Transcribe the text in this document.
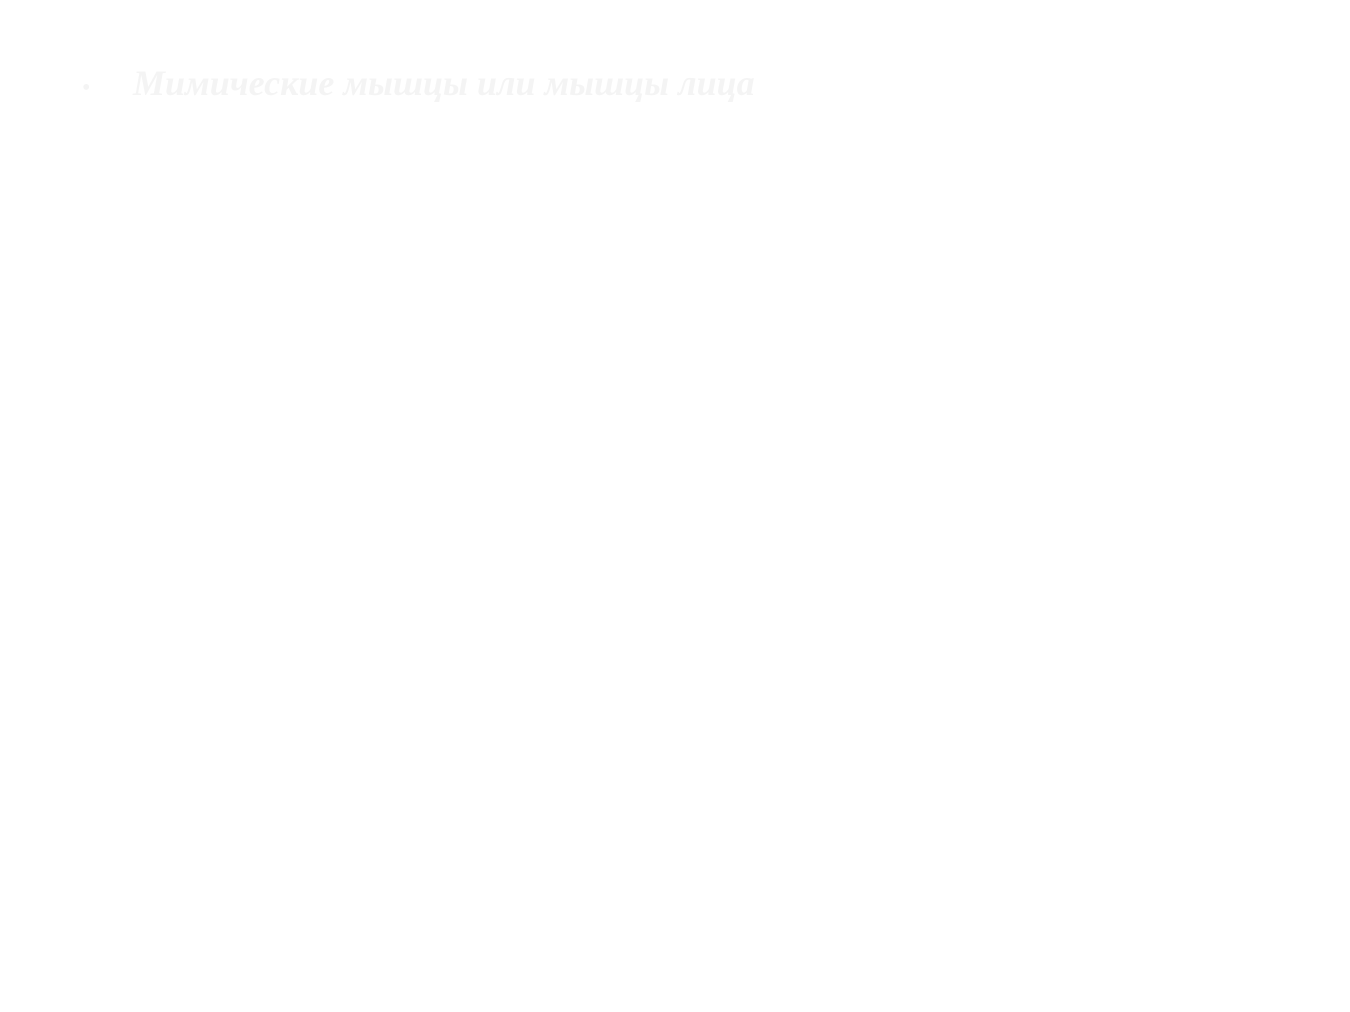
•	Мимические мышцы или мышцы лица
